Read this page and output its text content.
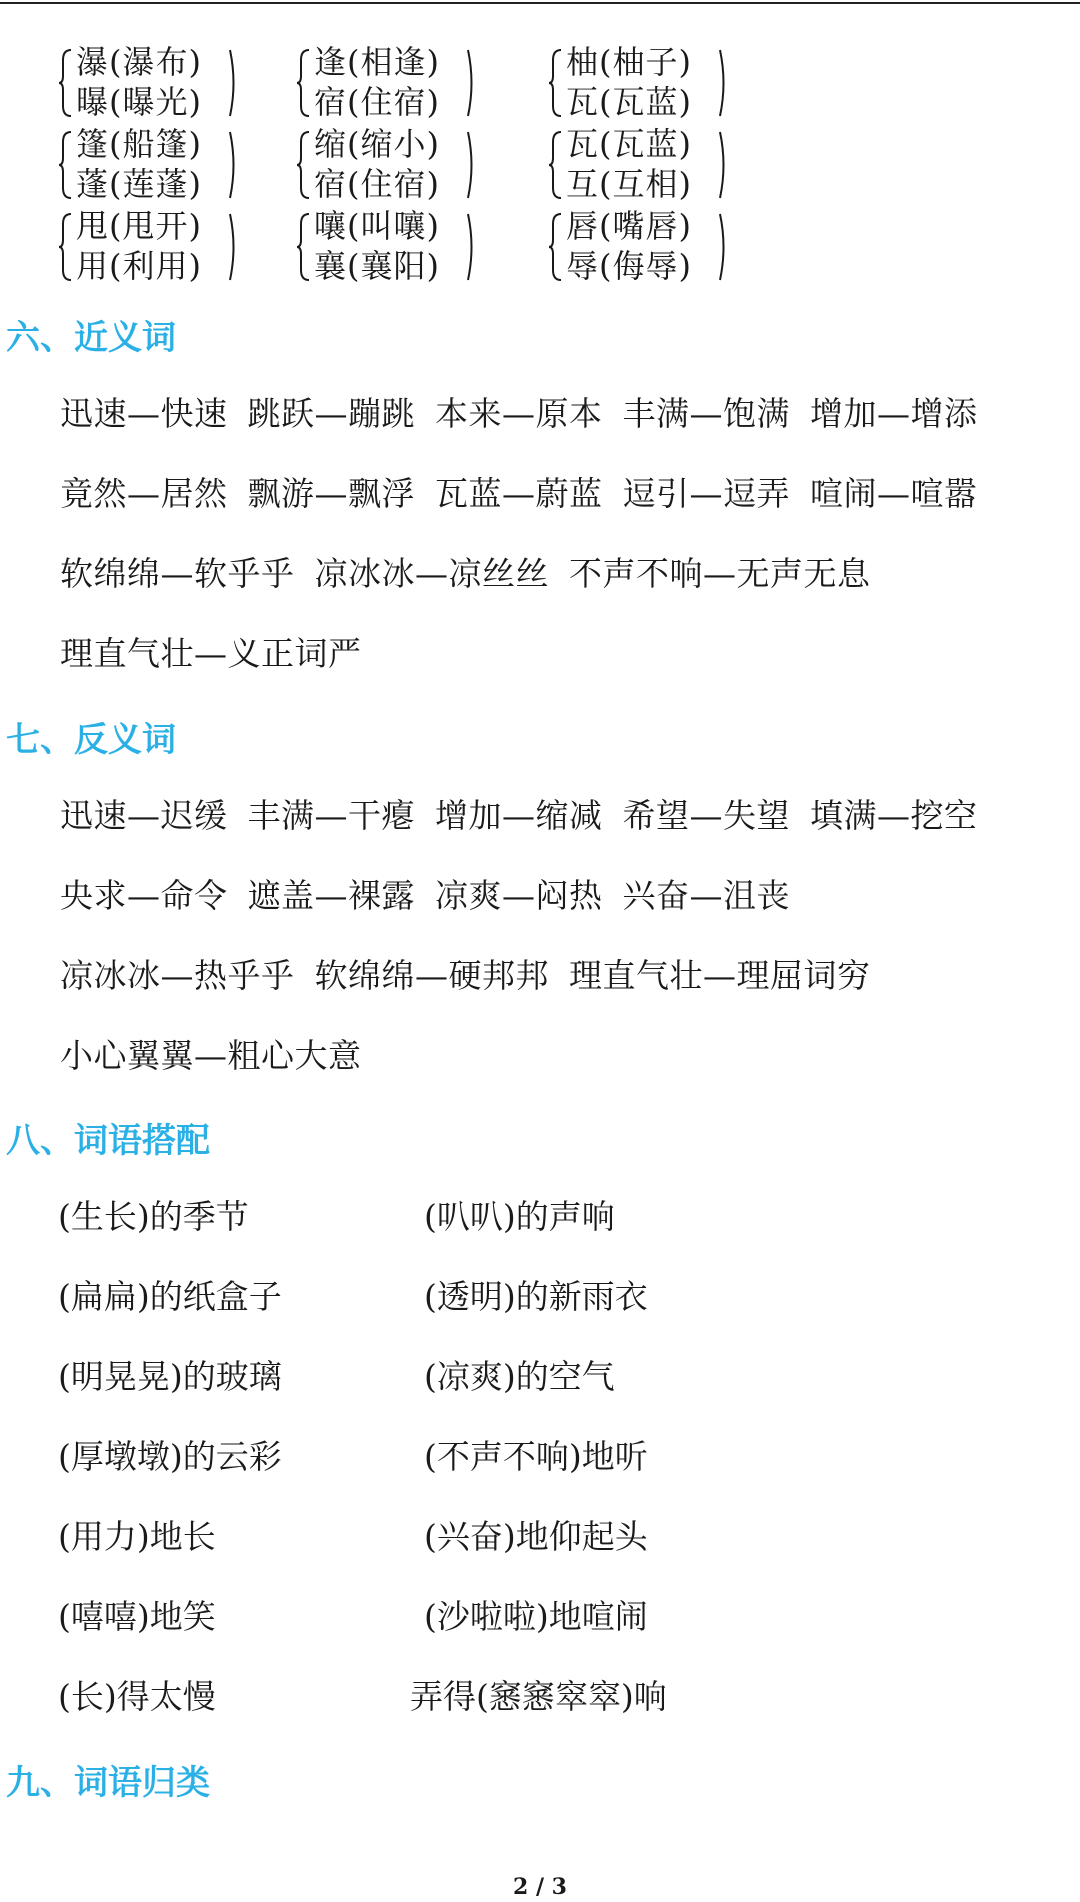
瀑(瀑布)
曝(曝光)
篷(船篷)
蓬(莲蓬)
甩(甩开)
用(利用)
逢(相逢)
宿(住宿)
缩(缩小)
宿(住宿)
嚷(叫嚷)
襄(襄阳)
柚(柚子)
瓦(瓦蓝)
瓦(瓦蓝)
互(互相)
唇(嘴唇)
辱(侮辱)
六、近义词
迅速—快速 跳跃—蹦跳 本来—原本 丰满—饱满 增加—增添
竟然—居然 飘游—飘浮 瓦蓝—蔚蓝 逗引—逗弄 喧闹—喧嚣
软绵绵—软乎乎 凉冰冰—凉丝丝 不声不响—无声无息
理直气壮—义正词严
七、反义词
迅速—迟缓 丰满—干瘪 增加—缩减 希望—失望 填满—挖空
央求—命令 遮盖—裸露 凉爽—闷热 兴奋—沮丧
凉冰冰—热乎乎 软绵绵—硬邦邦 理直气壮—理屈词穷
小心翼翼—粗心大意
八、词语搭配
(生长)的季节
(扁扁)的纸盒子
(明晃晃)的玻璃
(厚墩墩)的云彩
(用力)地长
(嘻嘻)地笑
(长)得太慢
(叭叭)的声响
(透明)的新雨衣
(凉爽)的空气
(不声不响)地听
(兴奋)地仰起头
(沙啦啦)地喧闹
弄得(窸窸窣窣)响
九、词语归类
2 / 3
